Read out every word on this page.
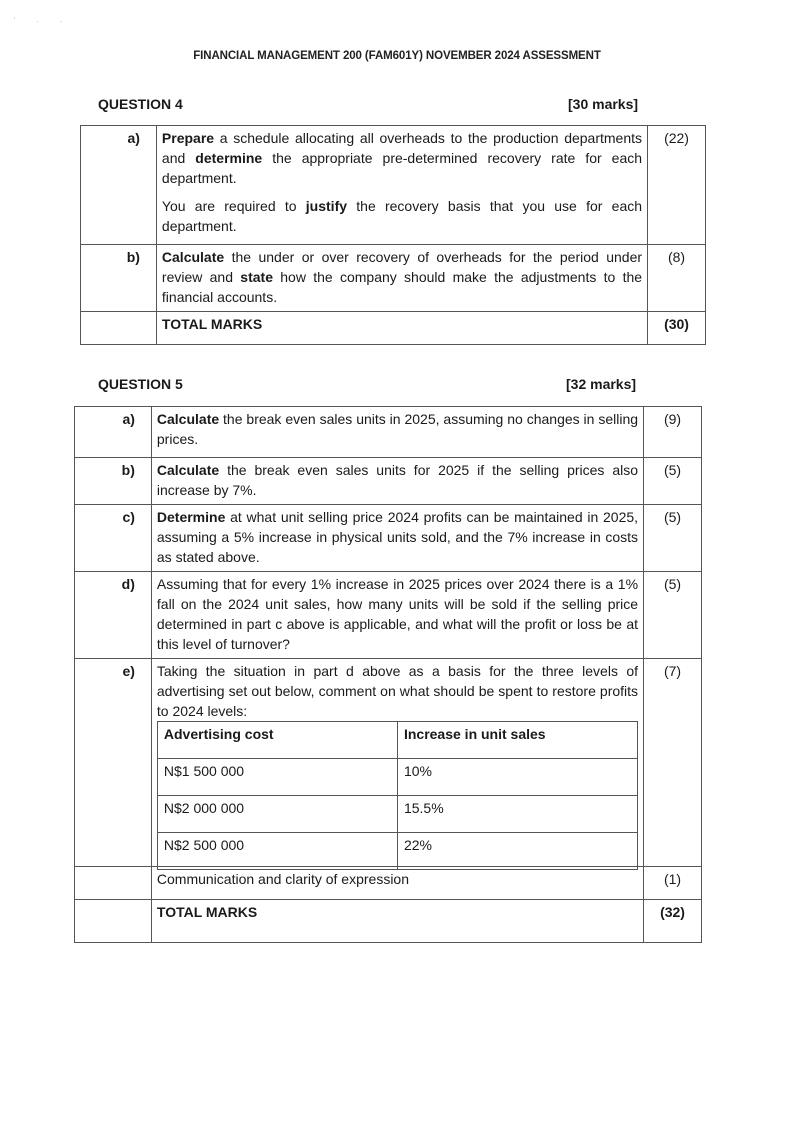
' . ,
FINANCIAL MANAGEMENT 200 (FAM601Y) NOVEMBER 2024 ASSESSMENT
QUESTION 4	[30 marks]
a)	Prepare a schedule allocating all overheads to the production departments and determine the appropriate pre-determined recovery rate for each department.

You are required to justify the recovery basis that you use for each department.	(22)
b)	Calculate the under or over recovery of overheads for the period under review and state how the company should make the adjustments to the financial accounts.	(8)
	TOTAL MARKS	(30)
QUESTION 5	[32 marks]
a)	Calculate the break even sales units in 2025, assuming no changes in selling prices.	(9)
b)	Calculate the break even sales units for 2025 if the selling prices also increase by 7%.	(5)
c)	Determine at what unit selling price 2024 profits can be maintained in 2025, assuming a 5% increase in physical units sold, and the 7% increase in costs as stated above.	(5)
d)	Assuming that for every 1% increase in 2025 prices over 2024 there is a 1% fall on the 2024 unit sales, how many units will be sold if the selling price determined in part c above is applicable, and what will the profit or loss be at this level of turnover?	(5)
e)	Taking the situation in part d above as a basis for the three levels of advertising set out below, comment on what should be spent to restore profits to 2024 levels:
Advertising cost	Increase in unit sales
N$1 500 000	10%
N$2 000 000	15.5%
N$2 500 000	22%
	(7)
	Communication and clarity of expression	(1)
	TOTAL MARKS	(32)
